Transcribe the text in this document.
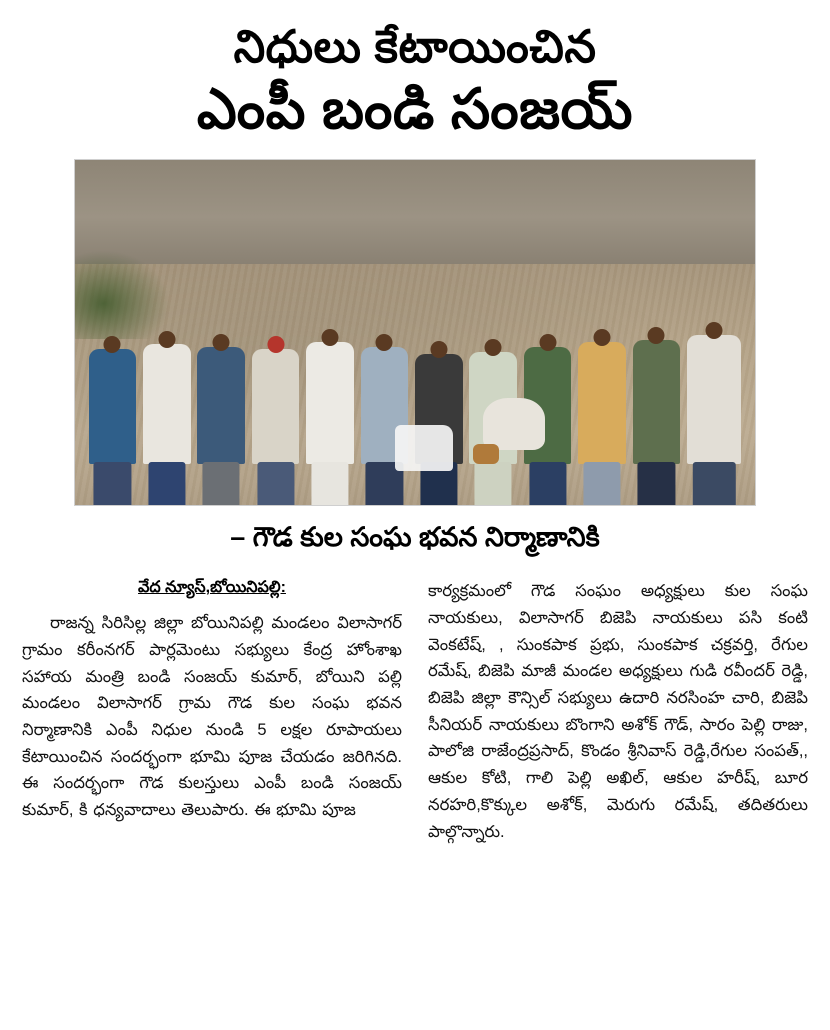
నిధులు కేటాయించిన
ఎంపీ బండి సంజయ్
– గౌడ కుల సంఘ భవన నిర్మాణానికి
వేద న్యూస్‌,బోయినిపల్లి:
రాజన్న సిరిసిల్ల జిల్లా బోయినిపల్లి మండలం విలాసాగర్ గ్రామం కరీంనగర్ పార్లమెంటు సభ్యులు కేంద్ర హోంశాఖ సహాయ మంత్రి బండి సంజయ్ కుమార్, బోయిని పల్లి మండలం విలాసాగర్ గ్రామ గౌడ కుల సంఘ భవన నిర్మాణానికి ఎంపీ నిధుల నుండి 5 లక్షల రూపాయలు కేటాయించిన సందర్భంగా భూమి పూజ చేయడం జరిగినది. ఈ సందర్భంగా గౌడ కులస్తులు ఎంపీ బండి సంజయ్ కుమార్, కి ధన్యవాదాలు తెలుపారు. ఈ భూమి పూజ
కార్యక్రమంలో గౌడ సంఘం అధ్యక్షులు కుల సంఘ నాయకులు, విలాసాగర్ బిజెపి నాయకులు పసి కంటి వెంకటేష్, , సుంకపాక ప్రభు, సుంకపాక చక్రవర్తి, రేగుల రమేష్, బిజెపి మాజీ మండల అధ్యక్షులు గుడి రవీందర్ రెడ్డి, బిజెపి జిల్లా కౌన్సిల్ సభ్యులు ఉదారి నరసింహ చారి, బిజెపి సీనియర్ నాయకులు బొంగాని అశోక్ గౌడ్, సారం పెల్లి రాజు, పాలోజి రాజేంద్రప్రసాద్, కొండం శ్రీనివాస్ రెడ్డి,రేగుల సంపత్,, ఆకుల కోటి, గాలి పెల్లి అఖిల్, ఆకుల హరీష్, బూర నరహరి,కొక్కుల అశోక్, మెరుగు రమేష్, తదితరులు పాల్గొన్నారు.
